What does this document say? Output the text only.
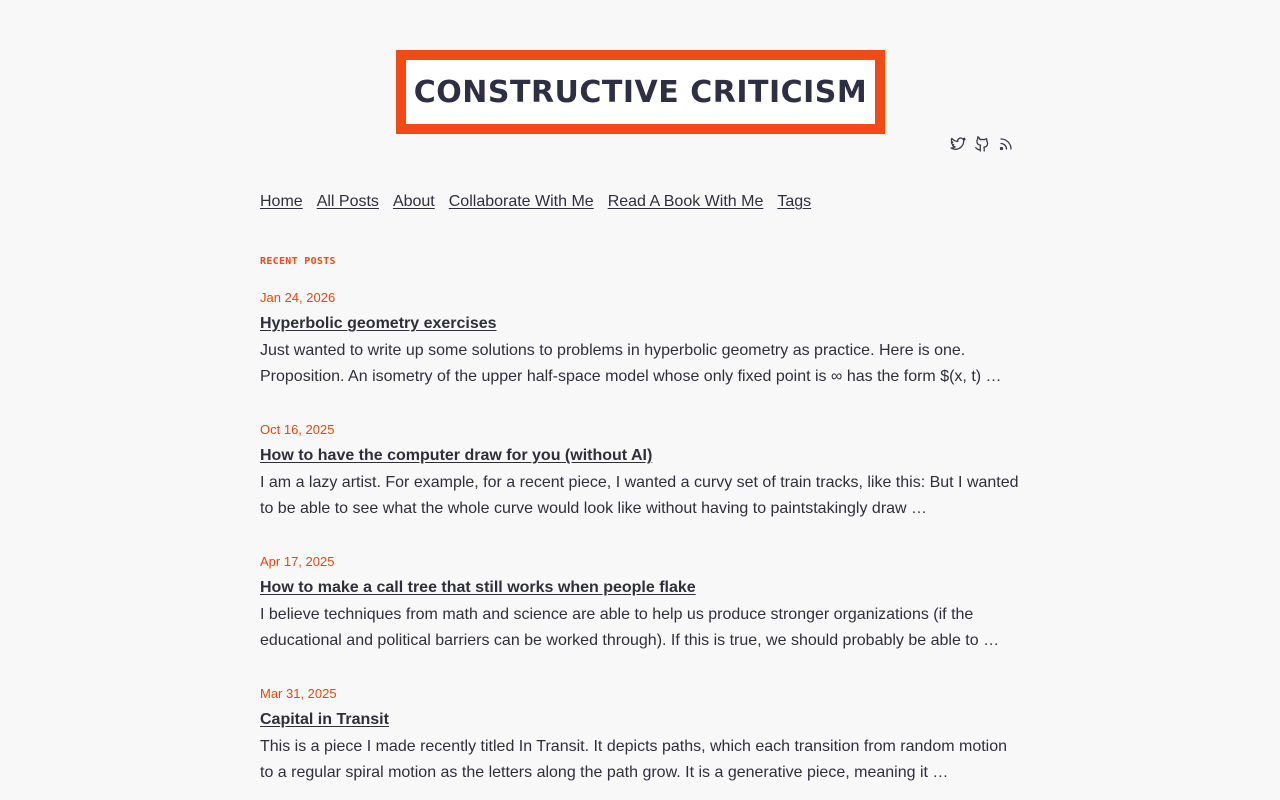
CONSTRUCTIVE CRITICISM
Home All Posts About Collaborate With Me Read A Book With Me Tags
RECENT POSTS
Jan 24, 2026
Hyperbolic geometry exercises

Just wanted to write up some solutions to problems in hyperbolic geometry as practice. Here is one. Proposition. An isometry of the upper half-space model whose only fixed point is ∞ has the form $(x, t) …

Oct 16, 2025
How to have the computer draw for you (without AI)

I am a lazy artist. For example, for a recent piece, I wanted a curvy set of train tracks, like this: But I wanted to be able to see what the whole curve would look like without having to paintstakingly draw …

Apr 17, 2025
How to make a call tree that still works when people flake

I believe techniques from math and science are able to help us produce stronger organizations (if the educational and political barriers can be worked through). If this is true, we should probably be able to …

Mar 31, 2025
Capital in Transit

This is a piece I made recently titled In Transit. It depicts paths, which each transition from random motion to a regular spiral motion as the letters along the path grow. It is a generative piece, meaning it …
